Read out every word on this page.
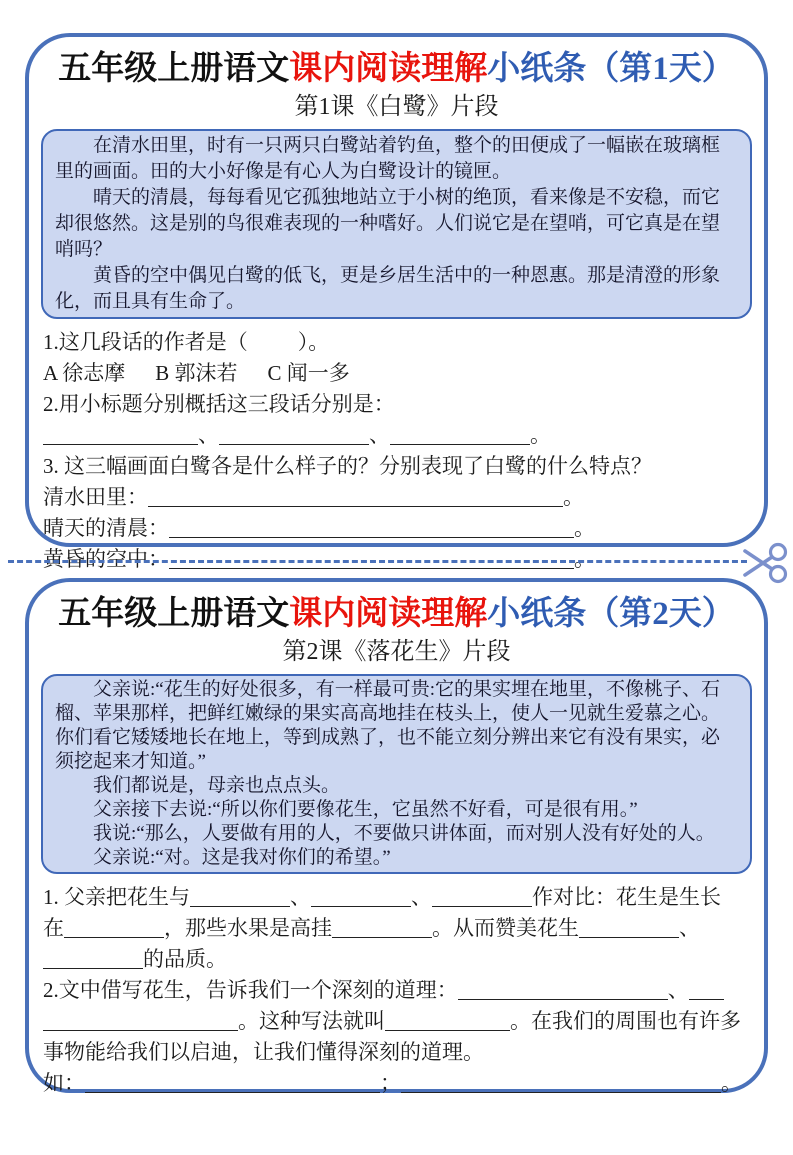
五年级上册语文课内阅读理解小纸条（第1天）
第1课《白鹭》片段

在清水田里，时有一只两只白鹭站着钓鱼，整个的田便成了一幅嵌在玻璃框里的画面。田的大小好像是有心人为白鹭设计的镜匣。

晴天的清晨，每每看见它孤独地站立于小树的绝顶，看来像是不安稳，而它却很悠然。这是别的鸟很难表现的一种嗜好。人们说它是在望哨，可它真是在望哨吗？

黄昏的空中偶见白鹭的低飞，更是乡居生活中的一种恩惠。那是清澄的形象化，而且具有生命了。

1.这几段话的作者是（ ）。
A 徐志摩 B 郭沫若 C 闻一多
2.用小标题分别概括这三段话分别是：
、	、	。
3. 这三幅画面白鹭各是什么样子的？分别表现了白鹭的什么特点？
清水田里：	。
晴天的清晨：	。
黄昏的空中：	。
五年级上册语文课内阅读理解小纸条（第2天）
第2课《落花生》片段

父亲说:“花生的好处很多，有一样最可贵:它的果实埋在地里，不像桃子、石榴、苹果那样，把鲜红嫩绿的果实高高地挂在枝头上，使人一见就生爱慕之心。你们看它矮矮地长在地上，等到成熟了，也不能立刻分辨出来它有没有果实，必须挖起来才知道。”

我们都说是，母亲也点点头。

父亲接下去说:“所以你们要像花生，它虽然不好看，可是很有用。”

我说:“那么，人要做有用的人，不要做只讲体面，而对别人没有好处的人。

父亲说:“对。这是我对你们的希望。”

1. 父亲把花生与	、	、	作对比：花生是生长
在	，那些水果是高挂	。从而赞美花生	、
的品质。
2.文中借写花生，告诉我们一个深刻的道理：	、
。这种写法就叫	。在我们的周围也有许多
事物能给我们以启迪，让我们懂得深刻的道理。
如：	；	。
